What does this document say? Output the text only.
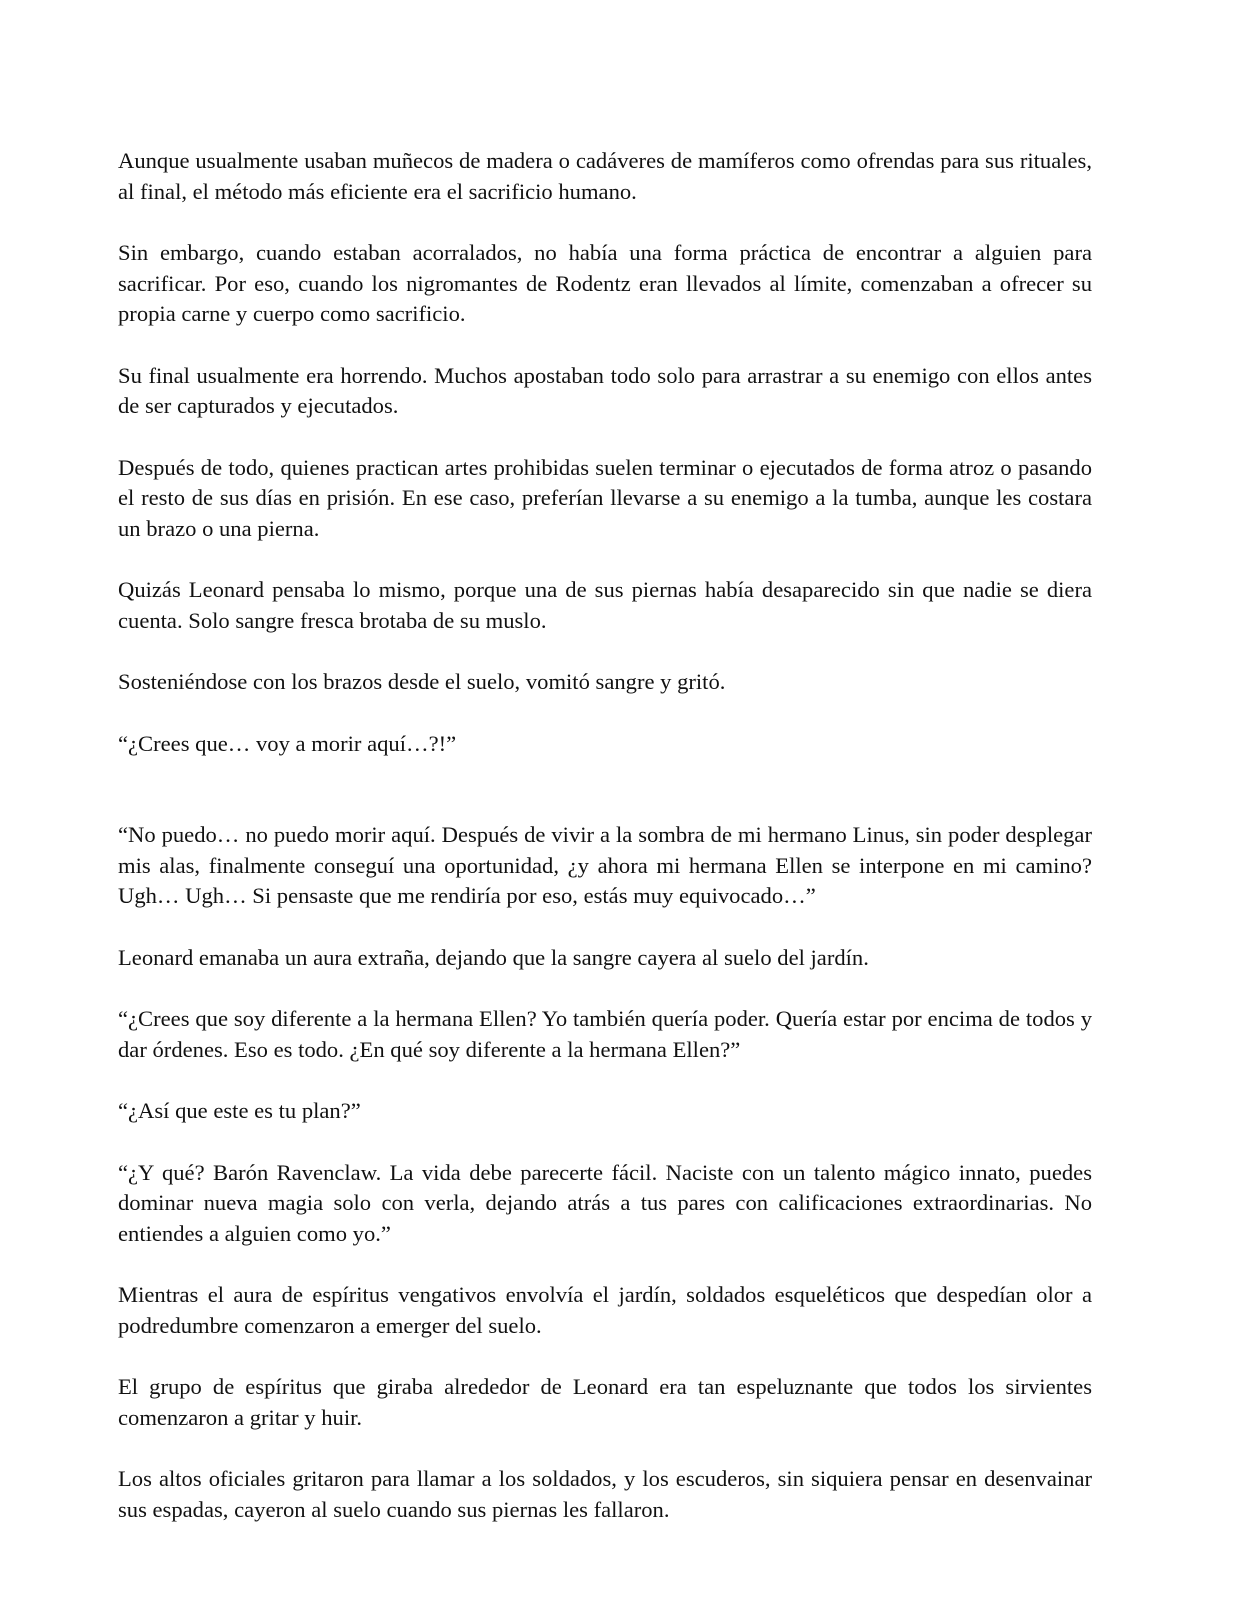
Aunque usualmente usaban muñecos de madera o cadáveres de mamíferos como ofrendas para sus rituales, al final, el método más eficiente era el sacrificio humano.

Sin embargo, cuando estaban acorralados, no había una forma práctica de encontrar a alguien para sacrificar. Por eso, cuando los nigromantes de Rodentz eran llevados al límite, comenzaban a ofrecer su propia carne y cuerpo como sacrificio.

Su final usualmente era horrendo. Muchos apostaban todo solo para arrastrar a su enemigo con ellos antes de ser capturados y ejecutados.

Después de todo, quienes practican artes prohibidas suelen terminar o ejecutados de forma atroz o pasando el resto de sus días en prisión. En ese caso, preferían llevarse a su enemigo a la tumba, aunque les costara un brazo o una pierna.

Quizás Leonard pensaba lo mismo, porque una de sus piernas había desaparecido sin que nadie se diera cuenta. Solo sangre fresca brotaba de su muslo.

Sosteniéndose con los brazos desde el suelo, vomitó sangre y gritó.

“¿Crees que… voy a morir aquí…?!”

“No puedo… no puedo morir aquí. Después de vivir a la sombra de mi hermano Linus, sin poder desplegar mis alas, finalmente conseguí una oportunidad, ¿y ahora mi hermana Ellen se interpone en mi camino? Ugh… Ugh… Si pensaste que me rendiría por eso, estás muy equivocado…”

Leonard emanaba un aura extraña, dejando que la sangre cayera al suelo del jardín.

“¿Crees que soy diferente a la hermana Ellen? Yo también quería poder. Quería estar por encima de todos y dar órdenes. Eso es todo. ¿En qué soy diferente a la hermana Ellen?”

“¿Así que este es tu plan?”

“¿Y qué? Barón Ravenclaw. La vida debe parecerte fácil. Naciste con un talento mágico innato, puedes dominar nueva magia solo con verla, dejando atrás a tus pares con calificaciones extraordinarias. No entiendes a alguien como yo.”

Mientras el aura de espíritus vengativos envolvía el jardín, soldados esqueléticos que despedían olor a podredumbre comenzaron a emerger del suelo.

El grupo de espíritus que giraba alrededor de Leonard era tan espeluznante que todos los sirvientes comenzaron a gritar y huir.

Los altos oficiales gritaron para llamar a los soldados, y los escuderos, sin siquiera pensar en desenvainar sus espadas, cayeron al suelo cuando sus piernas les fallaron.
